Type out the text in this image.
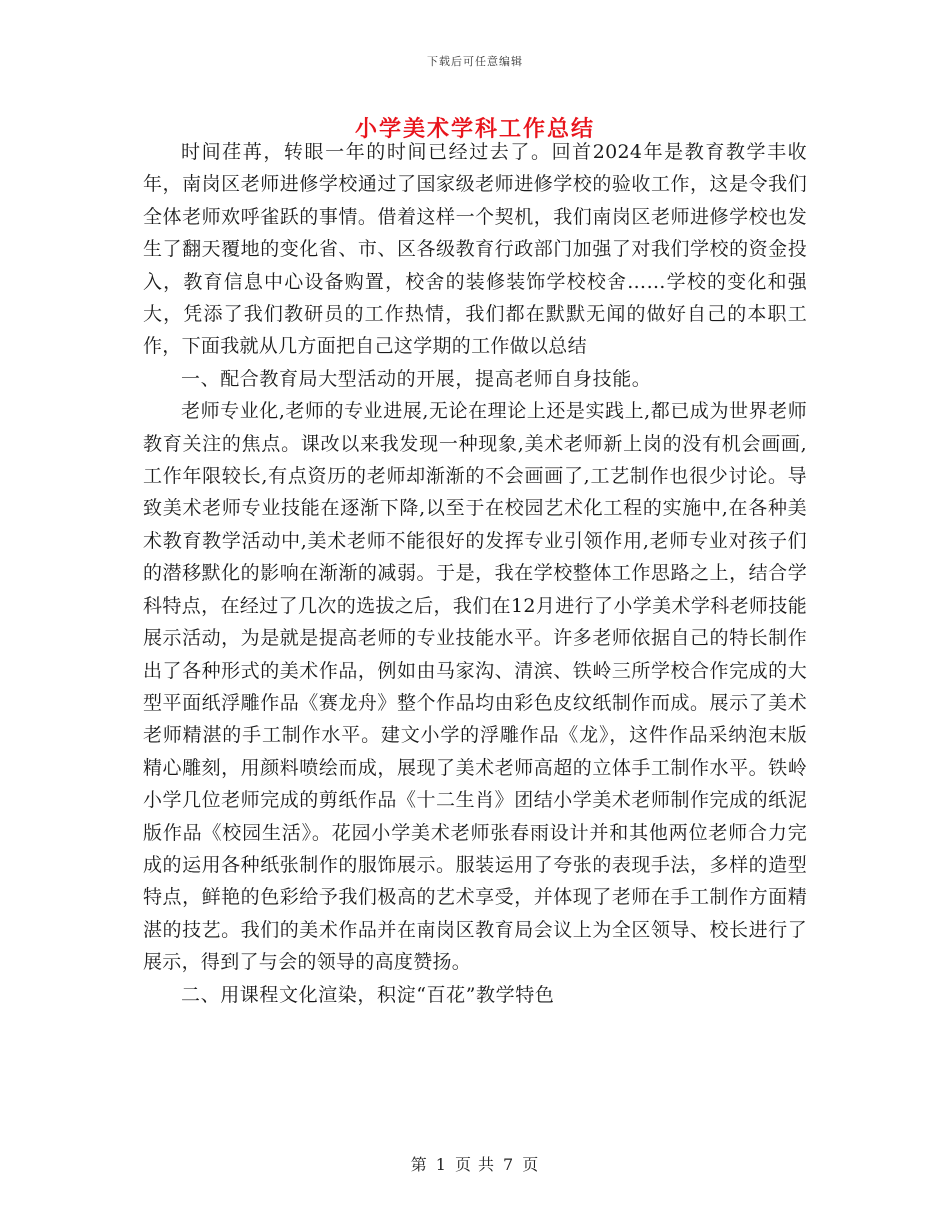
下载后可任意编辑
小学美术学科工作总结

时间荏苒，转眼一年的时间已经过去了。回首2024年是教育教学丰收年，南岗区老师进修学校通过了国家级老师进修学校的验收工作，这是令我们全体老师欢呼雀跃的事情。借着这样一个契机，我们南岗区老师进修学校也发生了翻天覆地的变化省、市、区各级教育行政部门加强了对我们学校的资金投入，教育信息中心设备购置，校舍的装修装饰学校校舍……学校的变化和强大，凭添了我们教研员的工作热情，我们都在默默无闻的做好自己的本职工作，下面我就从几方面把自己这学期的工作做以总结

一、配合教育局大型活动的开展，提高老师自身技能。

老师专业化,老师的专业进展,无论在理论上还是实践上,都已成为世界老师教育关注的焦点。课改以来我发现一种现象,美术老师新上岗的没有机会画画,工作年限较长,有点资历的老师却渐渐的不会画画了,工艺制作也很少讨论。导致美术老师专业技能在逐渐下降,以至于在校园艺术化工程的实施中,在各种美术教育教学活动中,美术老师不能很好的发挥专业引领作用,老师专业对孩子们的潜移默化的影响在渐渐的减弱。于是，我在学校整体工作思路之上，结合学科特点，在经过了几次的选拔之后，我们在12月进行了小学美术学科老师技能展示活动，为是就是提高老师的专业技能水平。许多老师依据自己的特长制作出了各种形式的美术作品，例如由马家沟、清滨、铁岭三所学校合作完成的大型平面纸浮雕作品《赛龙舟》整个作品均由彩色皮纹纸制作而成。展示了美术老师精湛的手工制作水平。建文小学的浮雕作品《龙》，这件作品采纳泡末版精心雕刻，用颜料喷绘而成，展现了美术老师高超的立体手工制作水平。铁岭小学几位老师完成的剪纸作品《十二生肖》团结小学美术老师制作完成的纸泥版作品《校园生活》。花园小学美术老师张春雨设计并和其他两位老师合力完成的运用各种纸张制作的服饰展示。服装运用了夸张的表现手法，多样的造型特点，鲜艳的色彩给予我们极高的艺术享受，并体现了老师在手工制作方面精湛的技艺。我们的美术作品并在南岗区教育局会议上为全区领导、校长进行了展示，得到了与会的领导的高度赞扬。

二、用课程文化渲染，积淀“百花”教学特色

第 1 页 共 7 页
